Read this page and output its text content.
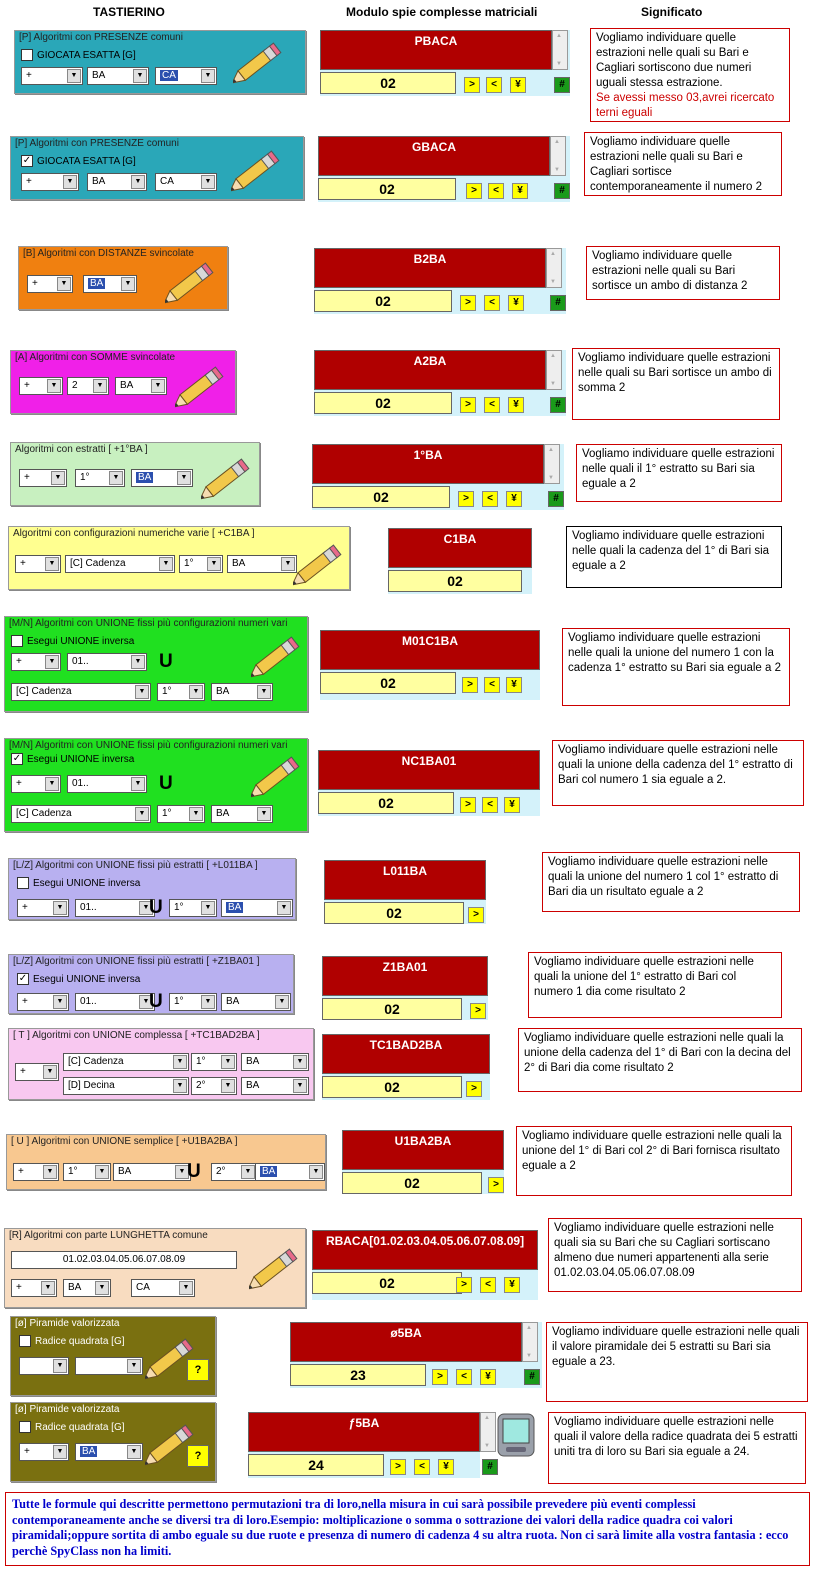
TASTIERINO	Modulo spie complesse matriciali	Significato
[P] Algoritmi con PRESENZE comuni
GIOCATA ESATTA [G]
+	▼	BA	▼	CA	▼
PBACA
▲ ▼
02	>	<	¥	#
Vogliamo individuare quelle estrazioni nelle quali su Bari e Cagliari sortiscono due numeri uguali stessa estrazione.
Se avessi messo 03,avrei ricercato terni eguali
[P] Algoritmi con PRESENZE comuni
✓ GIOCATA ESATTA [G]
+	▼	BA	▼	CA	▼
GBACA
▲ ▼
02	>	<	¥	#
Vogliamo individuare quelle estrazioni nelle quali su Bari e Cagliari sortisce contemporaneamente il numero 2
[B] Algoritmi con DISTANZE svincolate
+	▼	BA	▼
B2BA
▲ ▼
02	>	<	¥	#
Vogliamo individuare quelle estrazioni nelle quali su Bari sortisce un ambo di distanza 2
[A] Algoritmi con SOMME svincolate
+	▼	2	▼	BA	▼
A2BA
▲ ▼
02	>	<	¥	#
Vogliamo individuare quelle estrazioni nelle quali su Bari sortisce un ambo di somma 2
Algoritmi con estratti [ +1°BA ]
+	▼	1°	▼	BA	▼
1°BA
▲ ▼
02	>	<	¥	#
Vogliamo individuare quelle estrazioni nelle quali il 1° estratto su Bari sia eguale a 2
Algoritmi con configurazioni numeriche varie [ +C1BA ]
+	▼	[C] Cadenza	▼	1°	▼	BA	▼
C1BA
02
Vogliamo individuare quelle estrazioni nelle quali la cadenza del 1° di Bari sia eguale a 2
[M/N] Algoritmi con UNIONE fissi più configurazioni numeri vari
Esegui UNIONE inversa
+	▼	01..	▼
[C] Cadenza	▼	1°	▼	BA	▼
U
M01C1BA
02	>	<	¥
Vogliamo individuare quelle estrazioni nelle quali la unione del numero 1 con la cadenza 1° estratto su Bari sia eguale a 2
[M/N] Algoritmi con UNIONE fissi più configurazioni numeri vari
✓ Esegui UNIONE inversa
+	▼	01..	▼
[C] Cadenza	▼	1°	▼	BA	▼
U
NC1BA01
02	>	<	¥
Vogliamo individuare quelle estrazioni nelle quali la unione della cadenza del 1° estratto di Bari col numero 1 sia eguale a 2.
[L/Z] Algoritmi con UNIONE fissi più estratti [ +L011BA ]
Esegui UNIONE inversa
+	▼	01..	▼	1°	▼	BA	▼
U
L011BA
02	>
Vogliamo individuare quelle estrazioni nelle quali la unione del numero 1 col 1° estratto di Bari dia un risultato eguale a 2
[L/Z] Algoritmi con UNIONE fissi più estratti [ +Z1BA01 ]
✓ Esegui UNIONE inversa
+	▼	01..	▼	1°	▼	BA	▼
U
Z1BA01
02	>
Vogliamo individuare quelle estrazioni nelle quali la unione del 1° estratto di Bari col numero 1 dia come risultato 2
[ T ] Algoritmi con UNIONE complessa [ +TC1BAD2BA ]
+	▼
[C] Cadenza	▼	1°	▼	BA	▼
[D] Decina	▼	2°	▼	BA	▼
TC1BAD2BA
02	>
Vogliamo individuare quelle estrazioni nelle quali la unione della cadenza del 1° di Bari con la decina del 2° di Bari dia come risultato 2
[ U ] Algoritmi con UNIONE semplice [ +U1BA2BA ]
+	▼	1°	▼	BA	▼	2°	▼	BA	▼
U
U1BA2BA
02	>
Vogliamo individuare quelle estrazioni nelle quali la unione del 1° di Bari col 2° di Bari fornisca risultato eguale a 2
[R] Algoritmi con parte LUNGHETTA comune
01.02.03.04.05.06.07.08.09
+	▼	BA	▼	CA	▼
RBACA[01.02.03.04.05.06.07.08.09]
02	>	<	¥
Vogliamo individuare quelle estrazioni nelle quali sia su Bari che su Cagliari sortiscano almeno due numeri appartenenti alla serie 01.02.03.04.05.06.07.08.09
[ø] Piramide valorizzata
Radice quadrata [G]
▼	▼	?
ø5BA
▲ ▼
23	>	<	¥	#
Vogliamo individuare quelle estrazioni nelle quali il valore piramidale dei 5 estratti su Bari sia eguale a 23.
[ø] Piramide valorizzata
✓ Radice quadrata [G]
+	▼	BA	▼	?
ƒ5BA
▲ ▼
24	>	<	¥	#
Vogliamo individuare quelle estrazioni nelle quali il valore della radice quadrata dei 5 estratti uniti tra di loro su Bari sia eguale a 24.
Tutte le formule qui descritte permettono permutazioni tra di loro,nella misura in cui sarà possibile prevedere più eventi complessi contemporaneamente anche se diversi tra di loro.Esempio: moltiplicazione o somma o sottrazione dei valori della radice quadra coi valori piramidali;oppure sortita di ambo eguale su due ruote e presenza di numero di cadenza 4 su altra ruota. Non ci sarà limite alla vostra fantasia : ecco perchè SpyClass non ha limiti.
